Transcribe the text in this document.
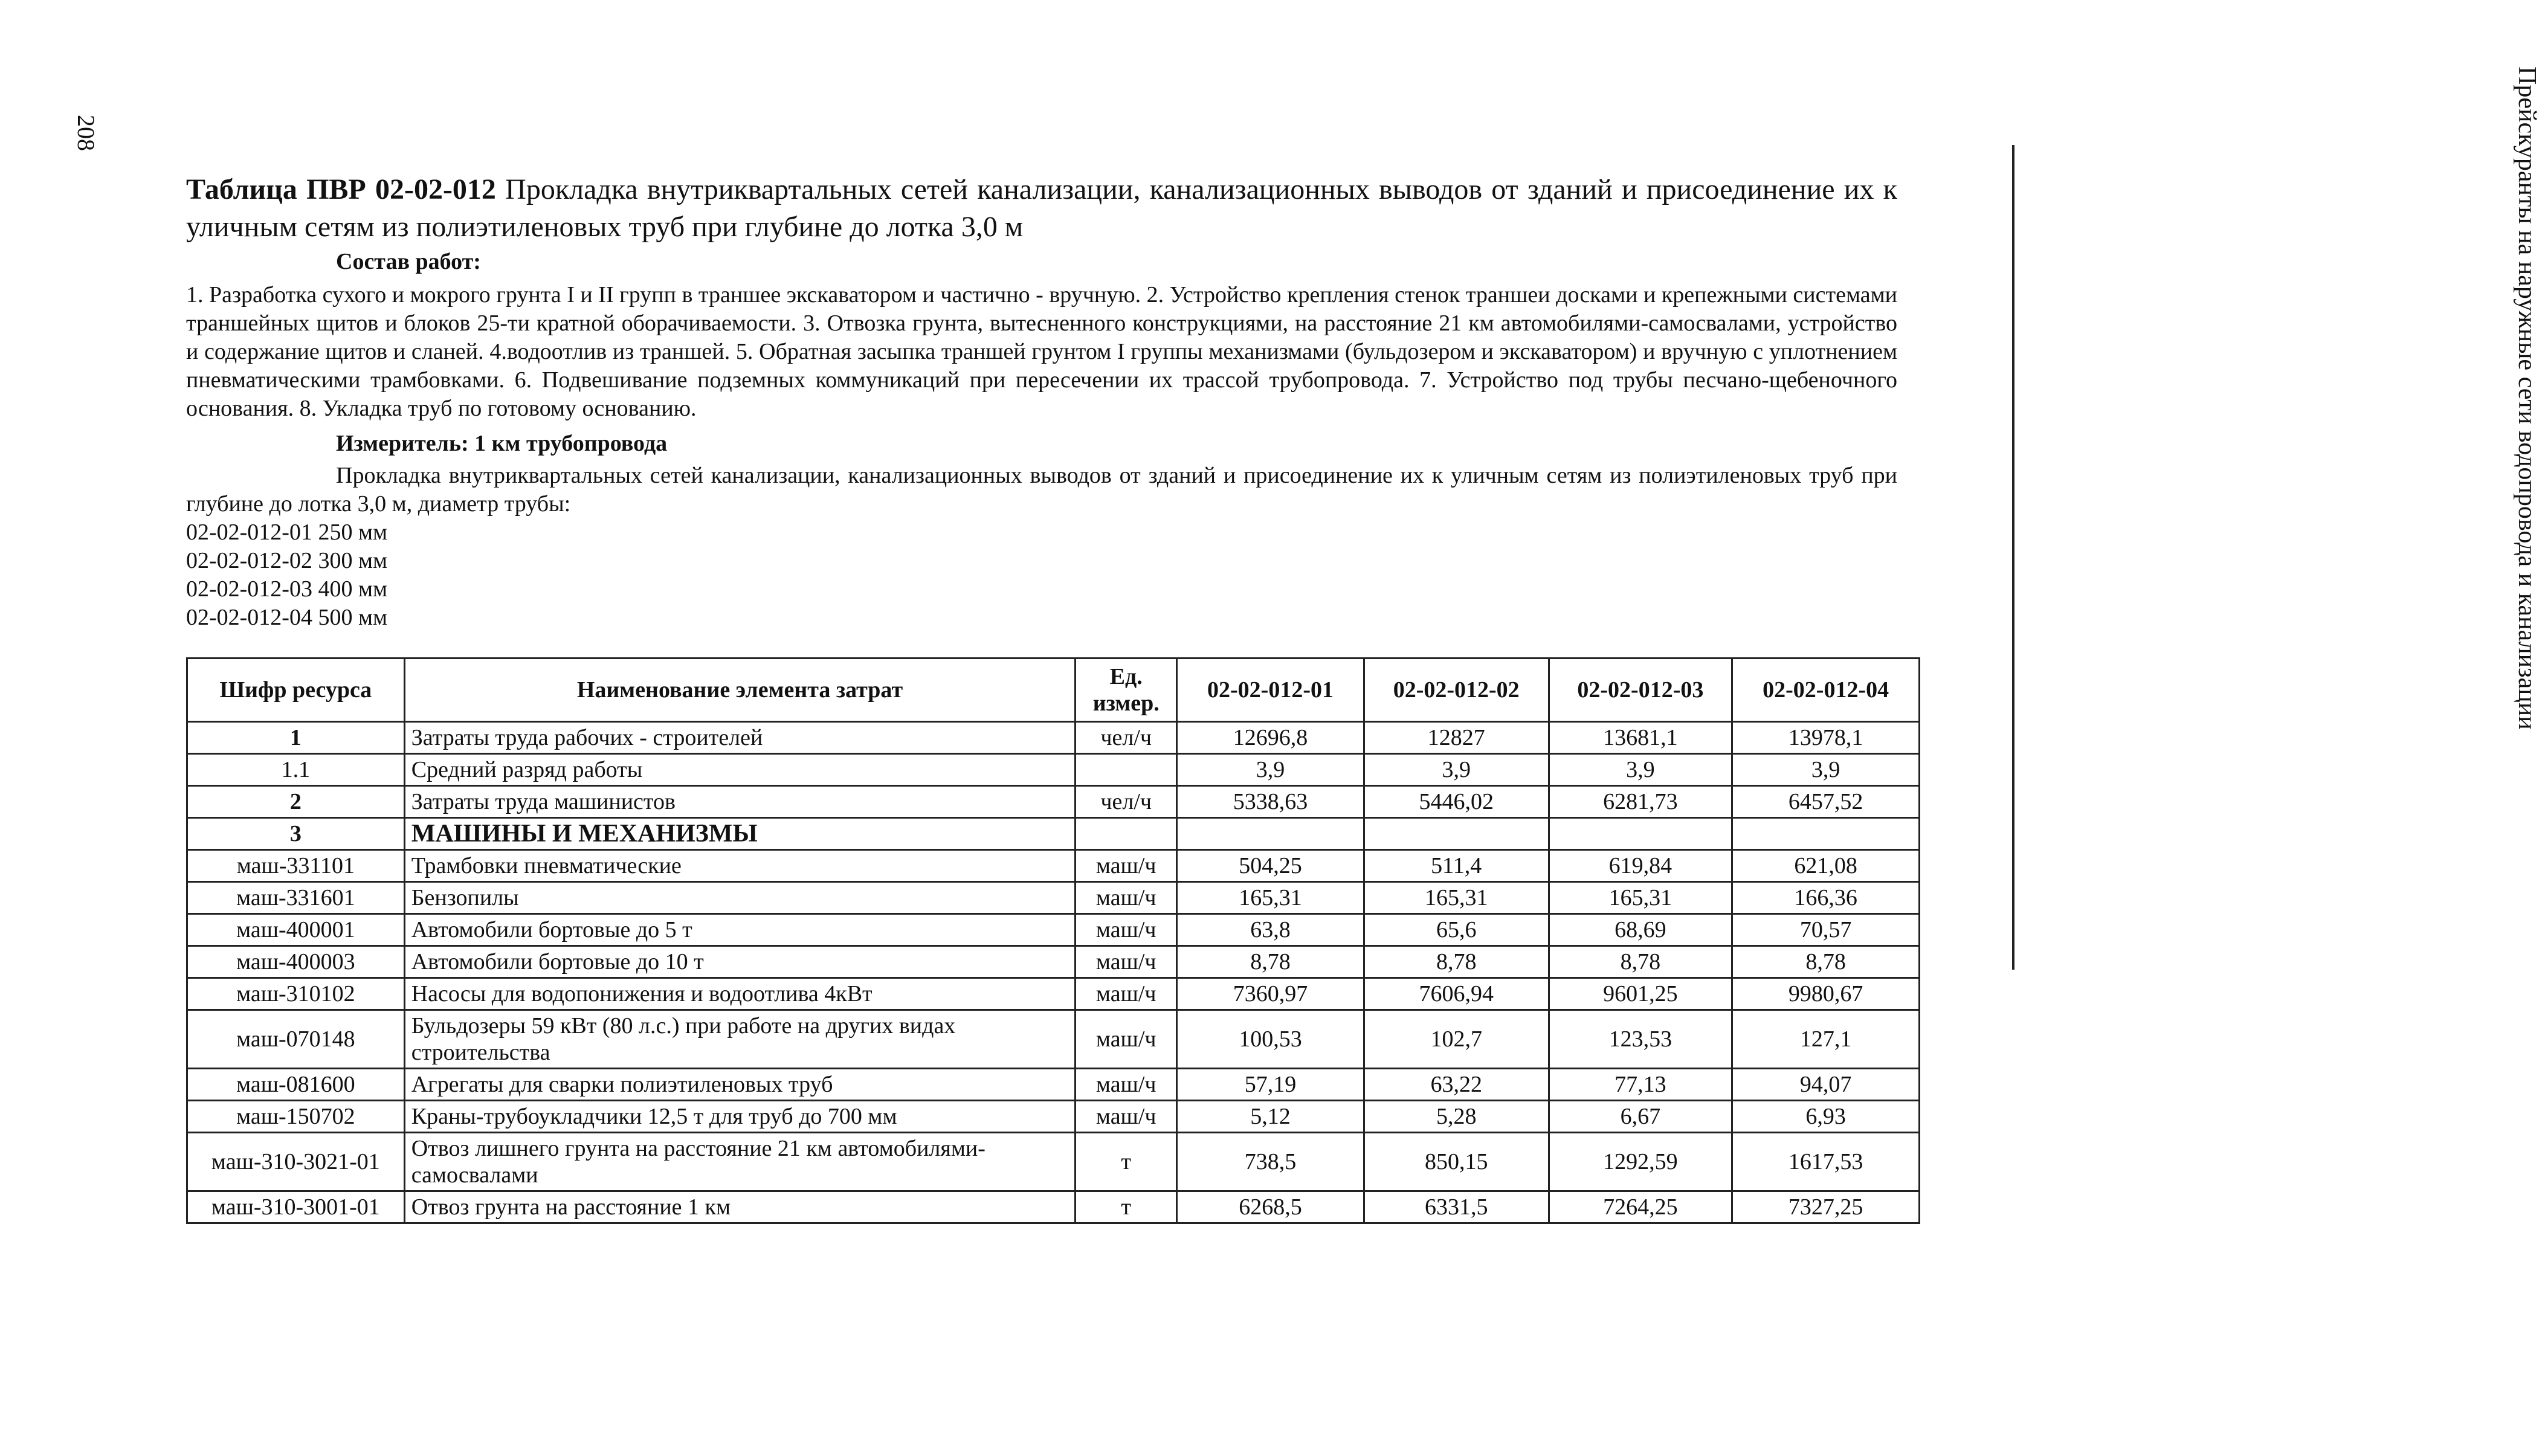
208	Прейскуранты на наружные сети водопровода и канализации

Таблица ПВР 02-02-012 Прокладка внутриквартальных сетей канализации, канализационных выводов от зданий и присоединение их к уличным сетям из полиэтиленовых труб при глубине до лотка 3,0 м

Состав работ:

1. Разработка сухого и мокрого грунта I и II групп в траншее экскаватором и частично - вручную. 2. Устройство крепления стенок траншеи досками и крепежными системами траншейных щитов и блоков 25-ти кратной оборачиваемости. 3. Отвозка грунта, вытесненного конструкциями, на расстояние 21 км автомобилями-самосвалами, устройство и содержание щитов и сланей. 4.водоотлив из траншей. 5. Обратная засыпка траншей грунтом I группы механизмами (бульдозером и экскаватором) и вручную с уплотнением пневматическими трамбовками. 6. Подвешивание подземных коммуникаций при пересечении их трассой трубопровода. 7. Устройство под трубы песчано-щебеночного основания. 8. Укладка труб по готовому основанию.

Измеритель: 1 км трубопровода

Прокладка внутриквартальных сетей канализации, канализационных выводов от зданий и присоединение их к уличным сетям из полиэтиленовых труб при глубине до лотка 3,0 м, диаметр трубы:

02-02-012-01 250 мм
02-02-012-02 300 мм
02-02-012-03 400 мм
02-02-012-04 500 мм
Шифр ресурса	Наименование элемента затрат	Ед. измер.	02-02-012-01	02-02-012-02	02-02-012-03	02-02-012-04
1	Затраты труда рабочих - строителей	чел/ч	12696,8	12827	13681,1	13978,1
1.1	Средний разряд работы		3,9	3,9	3,9	3,9
2	Затраты труда машинистов	чел/ч	5338,63	5446,02	6281,73	6457,52
3	МАШИНЫ И МЕХАНИЗМЫ					
маш-331101	Трамбовки пневматические	маш/ч	504,25	511,4	619,84	621,08
маш-331601	Бензопилы	маш/ч	165,31	165,31	165,31	166,36
маш-400001	Автомобили бортовые до 5 т	маш/ч	63,8	65,6	68,69	70,57
маш-400003	Автомобили бортовые до 10 т	маш/ч	8,78	8,78	8,78	8,78
маш-310102	Насосы для водопонижения и водоотлива 4кВт	маш/ч	7360,97	7606,94	9601,25	9980,67
маш-070148	Бульдозеры 59 кВт (80 л.с.) при работе на других видах строительства	маш/ч	100,53	102,7	123,53	127,1
маш-081600	Агрегаты для сварки полиэтиленовых труб	маш/ч	57,19	63,22	77,13	94,07
маш-150702	Краны-трубоукладчики 12,5 т для труб до 700 мм	маш/ч	5,12	5,28	6,67	6,93
маш-310-3021-01	Отвоз лишнего грунта на расстояние 21 км автомобилями-самосвалами	т	738,5	850,15	1292,59	1617,53
маш-310-3001-01	Отвоз грунта на расстояние 1 км	т	6268,5	6331,5	7264,25	7327,25
